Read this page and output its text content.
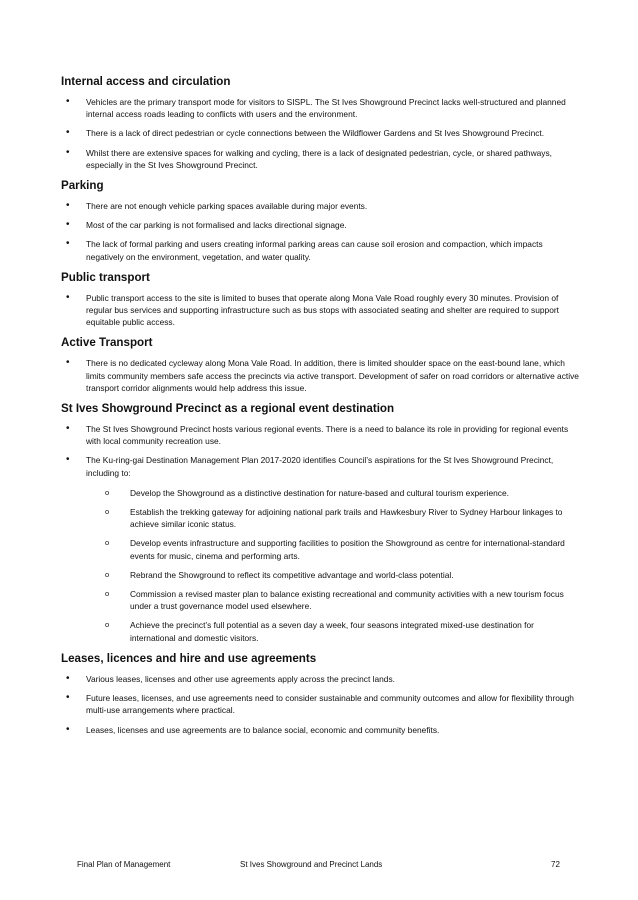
Internal access and circulation
• Vehicles are the primary transport mode for visitors to SISPL. The St Ives Showground Precinct lacks well-structured and planned internal access roads leading to conflicts with users and the environment.
• There is a lack of direct pedestrian or cycle connections between the Wildflower Gardens and St Ives Showground Precinct.
• Whilst there are extensive spaces for walking and cycling, there is a lack of designated pedestrian, cycle, or shared pathways, especially in the St Ives Showground Precinct.
Parking
• There are not enough vehicle parking spaces available during major events.
• Most of the car parking is not formalised and lacks directional signage.
• The lack of formal parking and users creating informal parking areas can cause soil erosion and compaction, which impacts negatively on the environment, vegetation, and water quality.
Public transport
• Public transport access to the site is limited to buses that operate along Mona Vale Road roughly every 30 minutes. Provision of regular bus services and supporting infrastructure such as bus stops with associated seating and shelter are required to support equitable public access.
Active Transport
• There is no dedicated cycleway along Mona Vale Road. In addition, there is limited shoulder space on the east-bound lane, which limits community members safe access the precincts via active transport. Development of safer on road corridors or alternative active transport corridor alignments would help address this issue.
St Ives Showground Precinct as a regional event destination
• The St Ives Showground Precinct hosts various regional events. There is a need to balance its role in providing for regional events with local community recreation use.
• The Ku-ring-gai Destination Management Plan 2017-2020 identifies Council’s aspirations for the St Ives Showground Precinct, including to:
o Develop the Showground as a distinctive destination for nature-based and cultural tourism experience.
o Establish the trekking gateway for adjoining national park trails and Hawkesbury River to Sydney Harbour linkages to achieve similar iconic status.
o Develop events infrastructure and supporting facilities to position the Showground as centre for international-standard events for music, cinema and performing arts.
o Rebrand the Showground to reflect its competitive advantage and world-class potential.
o Commission a revised master plan to balance existing recreational and community activities with a new tourism focus under a trust governance model used elsewhere.
o Achieve the precinct’s full potential as a seven day a week, four seasons integrated mixed-use destination for international and domestic visitors.
Leases, licences and hire and use agreements
• Various leases, licenses and other use agreements apply across the precinct lands.
• Future leases, licenses, and use agreements need to consider sustainable and community outcomes and allow for flexibility through multi-use arrangements where practical.
• Leases, licenses and use agreements are to balance social, economic and community benefits.
Final Plan of Management	St Ives Showground and Precinct Lands	72
